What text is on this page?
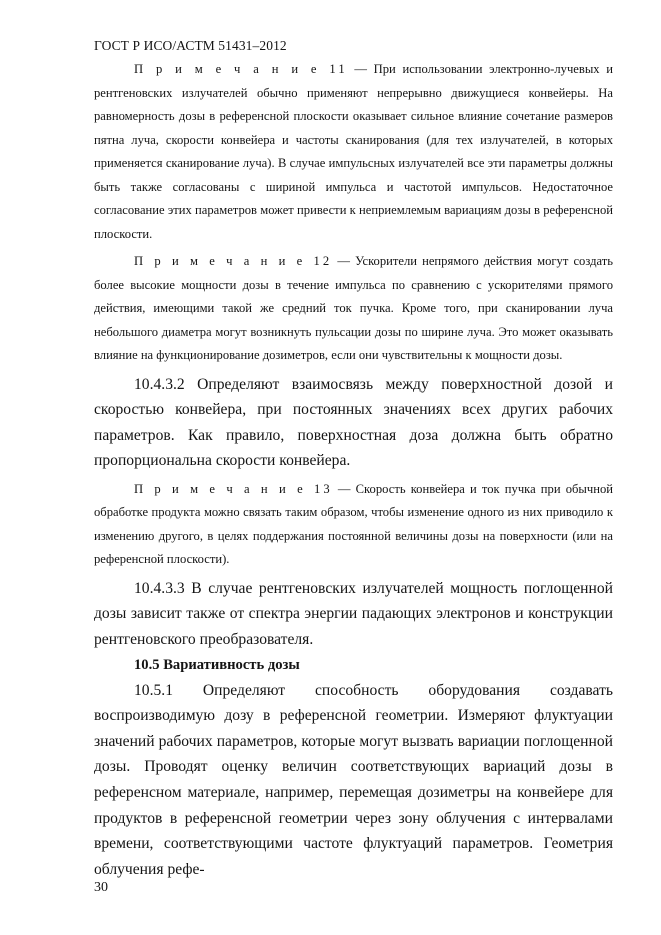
ГОСТ Р ИСО/АСТМ 51431–2012

П р и м е ч а н и е 11 — При использовании электронно-лучевых и рентгеновских излучателей обычно применяют непрерывно движущиеся конвейеры. На равномерность дозы в референсной плоскости оказывает сильное влияние сочетание размеров пятна луча, скорости конвейера и частоты сканирования (для тех излучателей, в которых применяется сканирование луча). В случае импульсных излучателей все эти параметры должны быть также согласованы с шириной импульса и частотой импульсов. Недостаточное согласование этих параметров может привести к неприемлемым вариациям дозы в референсной плоскости.

П р и м е ч а н и е 12 — Ускорители непрямого действия могут создать более высокие мощности дозы в течение импульса по сравнению с ускорителями прямого действия, имеющими такой же средний ток пучка. Кроме того, при сканировании луча небольшого диаметра могут возникнуть пульсации дозы по ширине луча. Это может оказывать влияние на функционирование дозиметров, если они чувствительны к мощности дозы.

10.4.3.2 Определяют взаимосвязь между поверхностной дозой и скоростью конвейера, при постоянных значениях всех других рабочих параметров. Как правило, поверхностная доза должна быть обратно пропорциональна скорости конвейера.

П р и м е ч а н и е 13 — Скорость конвейера и ток пучка при обычной обработке продукта можно связать таким образом, чтобы изменение одного из них приводило к изменению другого, в целях поддержания постоянной величины дозы на поверхности (или на референсной плоскости).

10.4.3.3 В случае рентгеновских излучателей мощность поглощенной дозы зависит также от спектра энергии падающих электронов и конструкции рентгеновского преобразователя.

10.5 Вариативность дозы

10.5.1 Определяют способность оборудования создавать воспроизводимую дозу в референсной геометрии. Измеряют флуктуации значений рабочих параметров, которые могут вызвать вариации поглощенной дозы. Проводят оценку величин соответствующих вариаций дозы в референсном материале, например, перемещая дозиметры на конвейере для продуктов в референсной геометрии через зону облучения с интервалами времени, соответствующими частоте флуктуаций параметров. Геометрия облучения рефе-

30
